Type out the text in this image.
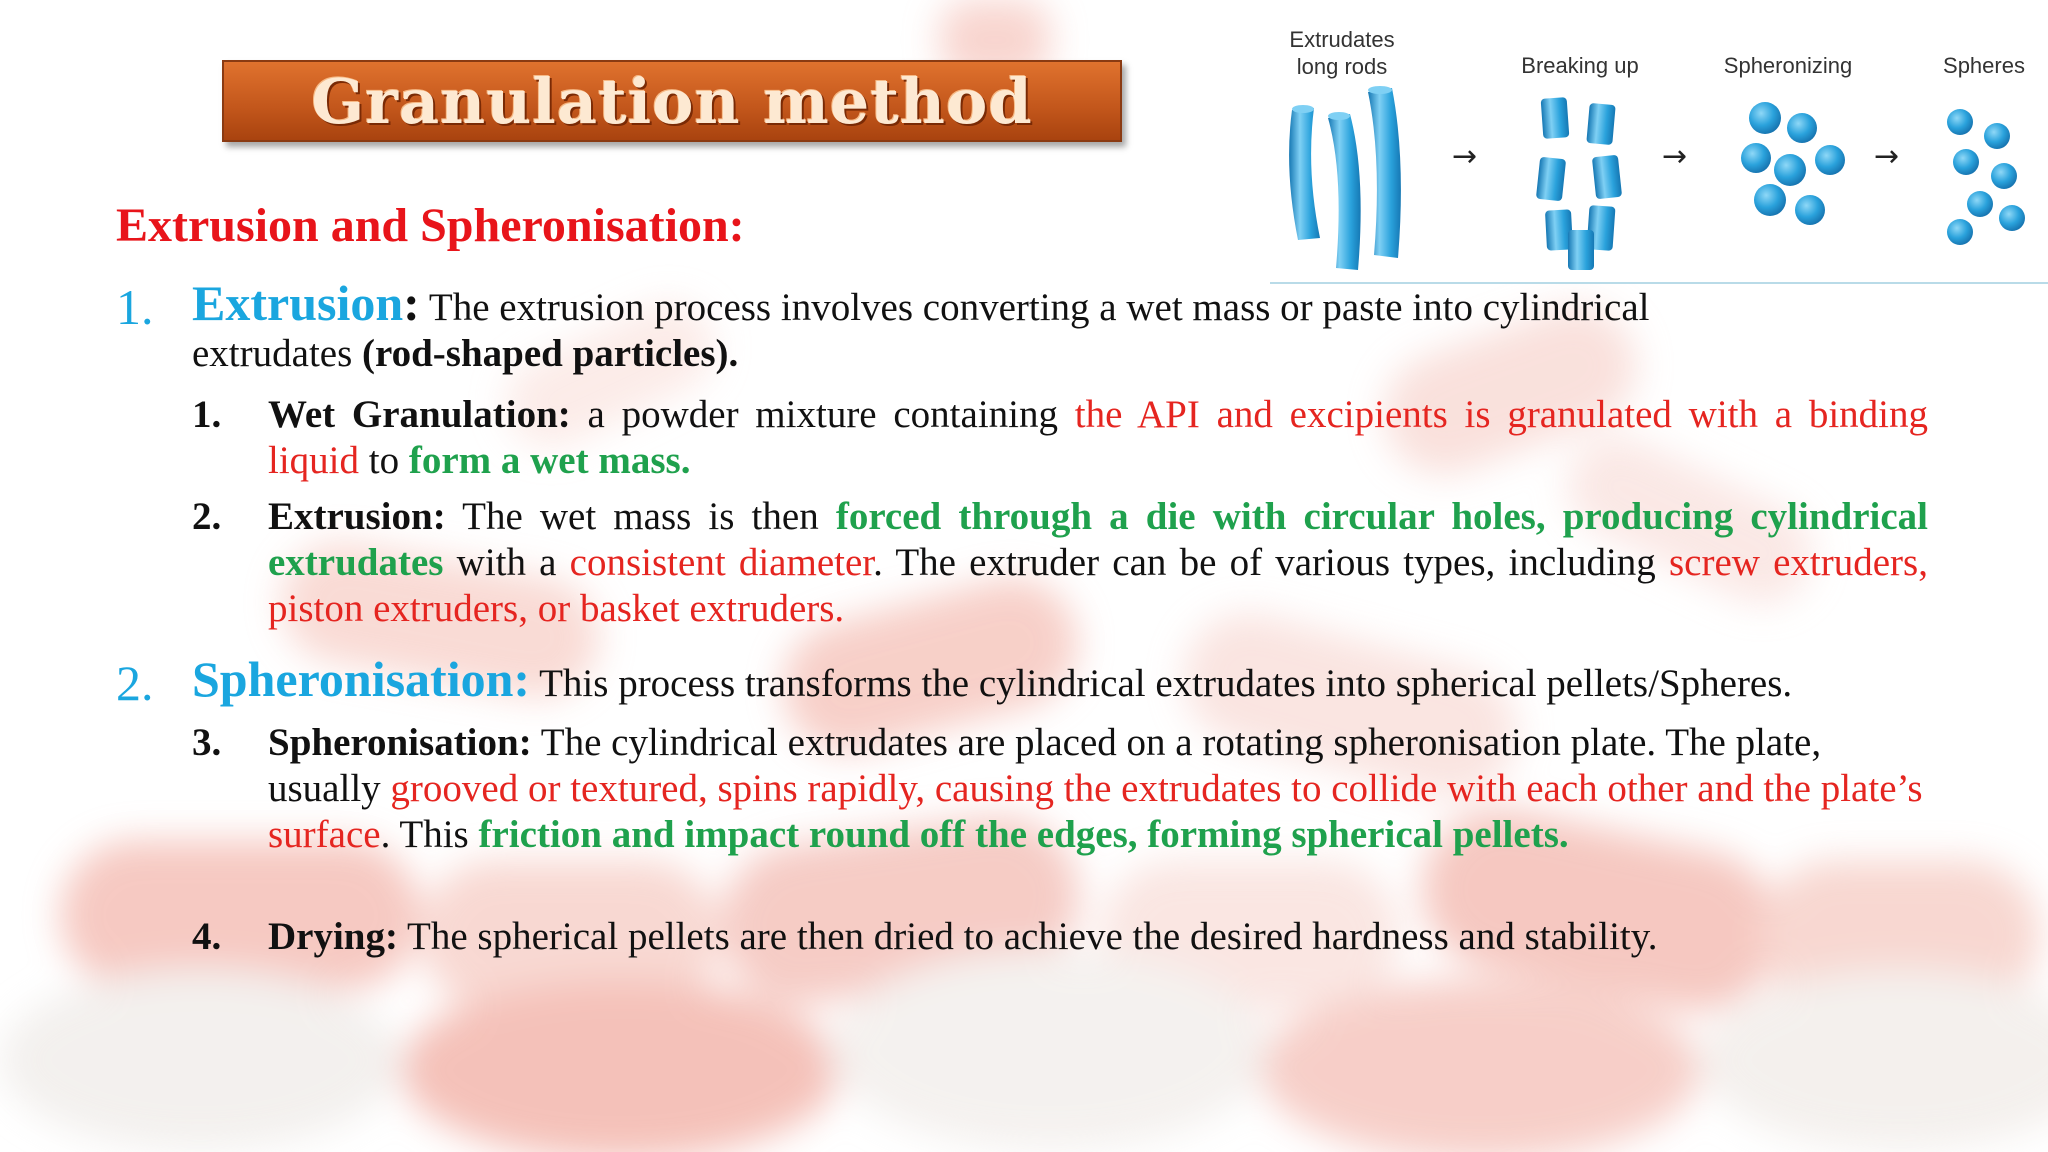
Granulation method
Extrudates
long rods	Breaking up	Spheronizing	Spheres
→	→	→
Extrusion and Spheronisation:
1. Extrusion: The extrusion process involves converting a wet mass or paste into cylindrical extrudates (rod-shaped particles).
1. Wet Granulation: a powder mixture containing the API and excipients is granulated with a binding liquid to form a wet mass.
2. Extrusion: The wet mass is then forced through a die with circular holes, producing cylindrical extrudates with a consistent diameter. The extruder can be of various types, including screw extruders, piston extruders, or basket extruders.
2. Spheronisation: This process transforms the cylindrical extrudates into spherical pellets/Spheres.
3. Spheronisation: The cylindrical extrudates are placed on a rotating spheronisation plate. The plate, usually grooved or textured, spins rapidly, causing the extrudates to collide with each other and the plate’s surface. This friction and impact round off the edges, forming spherical pellets.
4. Drying: The spherical pellets are then dried to achieve the desired hardness and stability.
